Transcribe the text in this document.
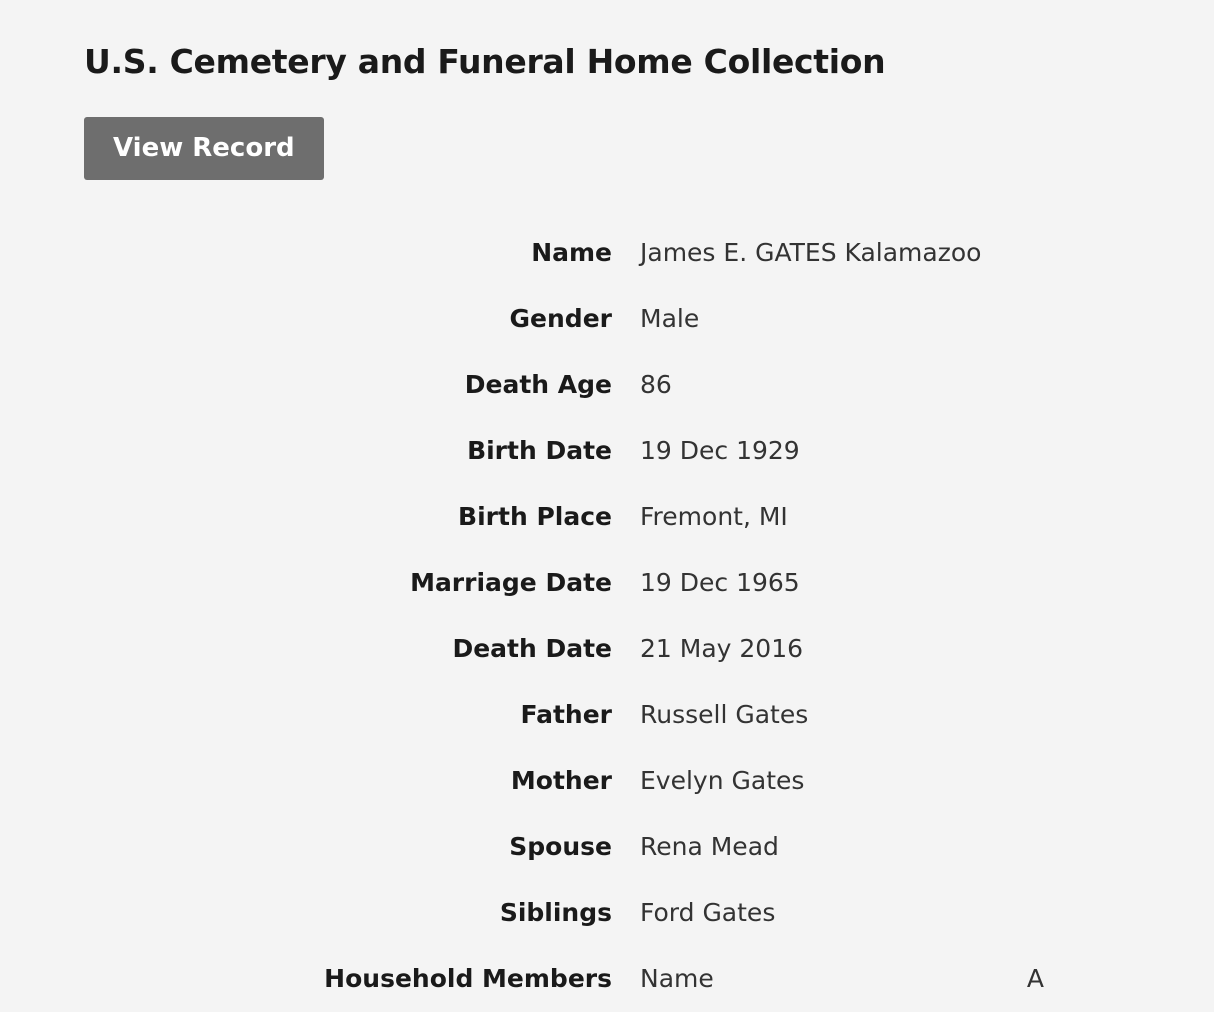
U.S. Cemetery and Funeral Home Collection
View Record
Name	James E. GATES Kalamazoo
Gender	Male
Death Age	86
Birth Date	19 Dec 1929
Birth Place	Fremont, MI
Marriage Date	19 Dec 1965
Death Date	21 May 2016
Father	Russell Gates
Mother	Evelyn Gates
Spouse	Rena Mead
Siblings	Ford Gates
Household Members	Name A
